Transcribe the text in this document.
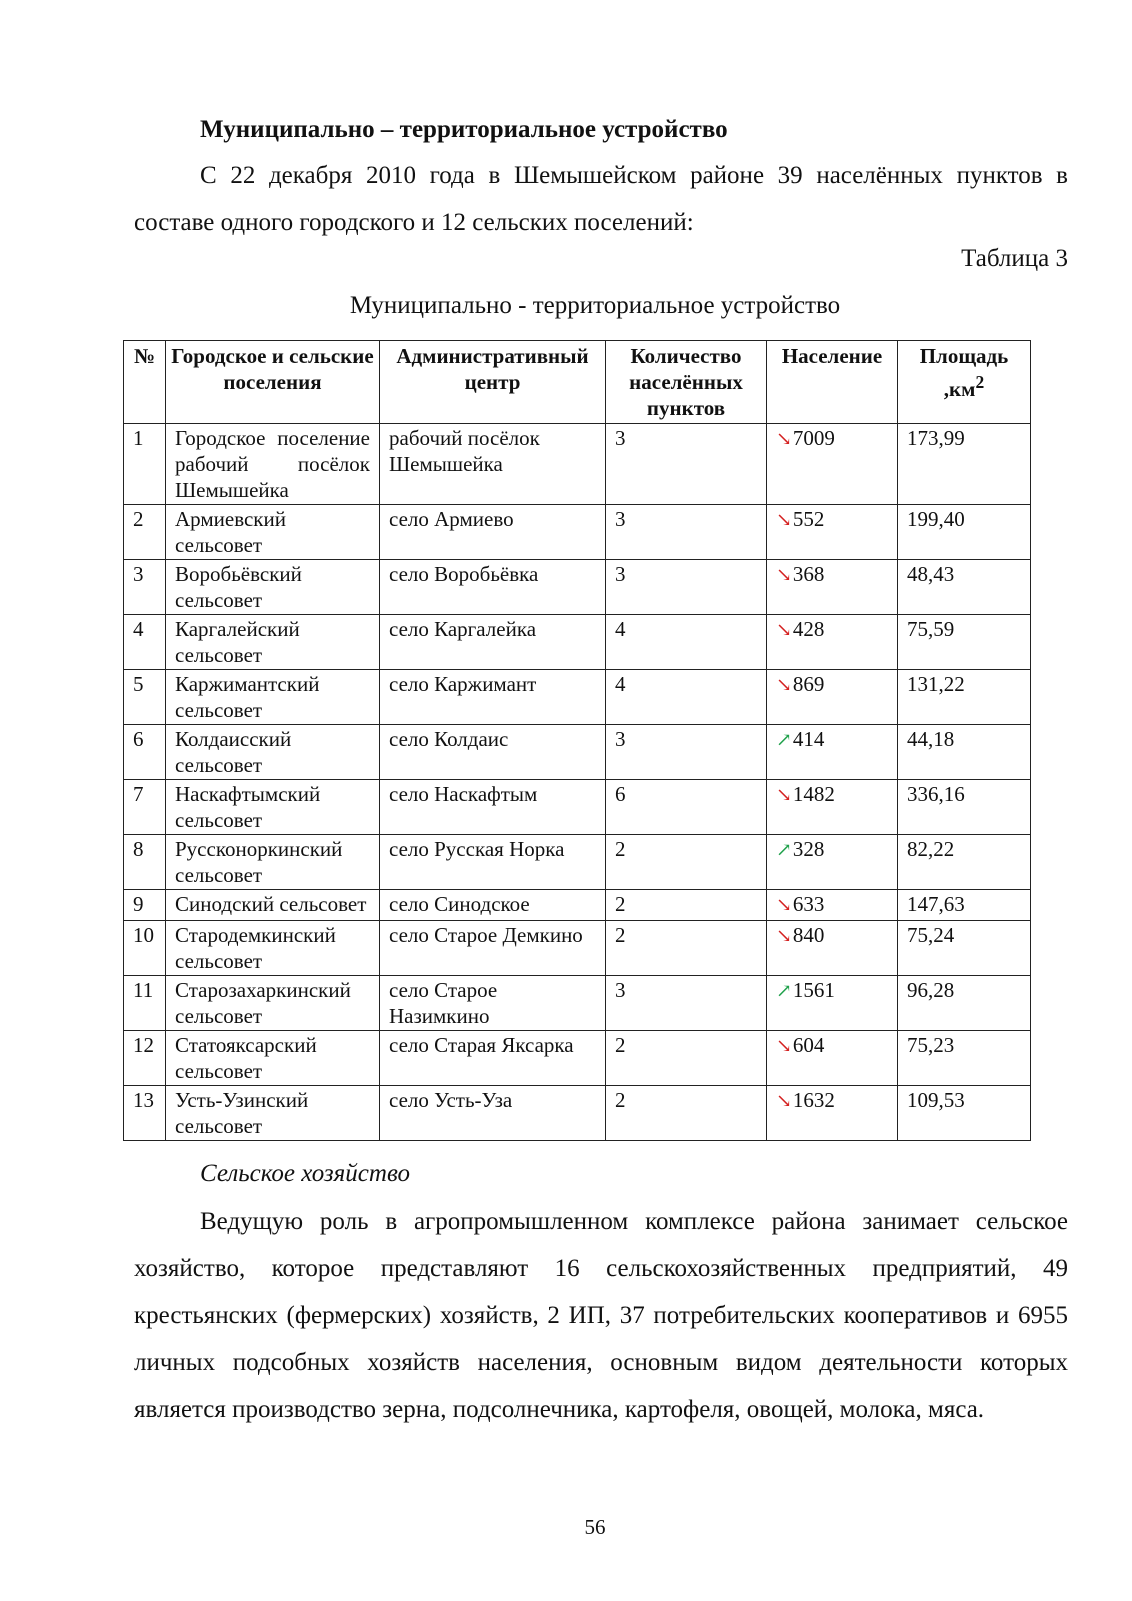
Муниципально – территориальное устройство

С 22 декабря 2010 года в Шемышейском районе 39 населённых пунктов в составе одного городского и 12 сельских поселений:

Таблица 3

Муниципально - территориальное устройство

№	Городское и сельские поселения	Административный центр	Количество населённых пунктов	Население	Площадь $,км^2$
1	Городское поселение рабочий посёлок Шемышейка	рабочий посёлок Шемышейка	3	↘7009	173,99
2	Армиевский сельсовет	село Армиево	3	↘552	199,40
3	Воробьёвский сельсовет	село Воробьёвка	3	↘368	48,43
4	Каргалейский сельсовет	село Каргалейка	4	↘428	75,59
5	Каржимантский сельсовет	село Каржимант	4	↘869	131,22
6	Колдаисский сельсовет	село Колдаис	3	↗414	44,18
7	Наскафтымский сельсовет	село Наскафтым	6	↘1482	336,16
8	Руссконоркинский сельсовет	село Русская Норка	2	↗328	82,22
9	Синодский сельсовет	село Синодское	2	↘633	147,63
10	Стародемкинский сельсовет	село Старое Демкино	2	↘840	75,24
11	Старозахаркинский сельсовет	село Старое Назимкино	3	↗1561	96,28
12	Статояксарский сельсовет	село Старая Яксарка	2	↘604	75,23
13	Усть-Узинский сельсовет	село Усть-Уза	2	↘1632	109,53

Сельское хозяйство

Ведущую роль в агропромышленном комплексе района занимает сельское хозяйство, которое представляют 16 сельскохозяйственных предприятий, 49 крестьянских (фермерских) хозяйств, 2 ИП, 37 потребительских кооперативов и 6955 личных подсобных хозяйств населения, основным видом деятельности которых является производство зерна, подсолнечника, картофеля, овощей, молока, мяса.

56
